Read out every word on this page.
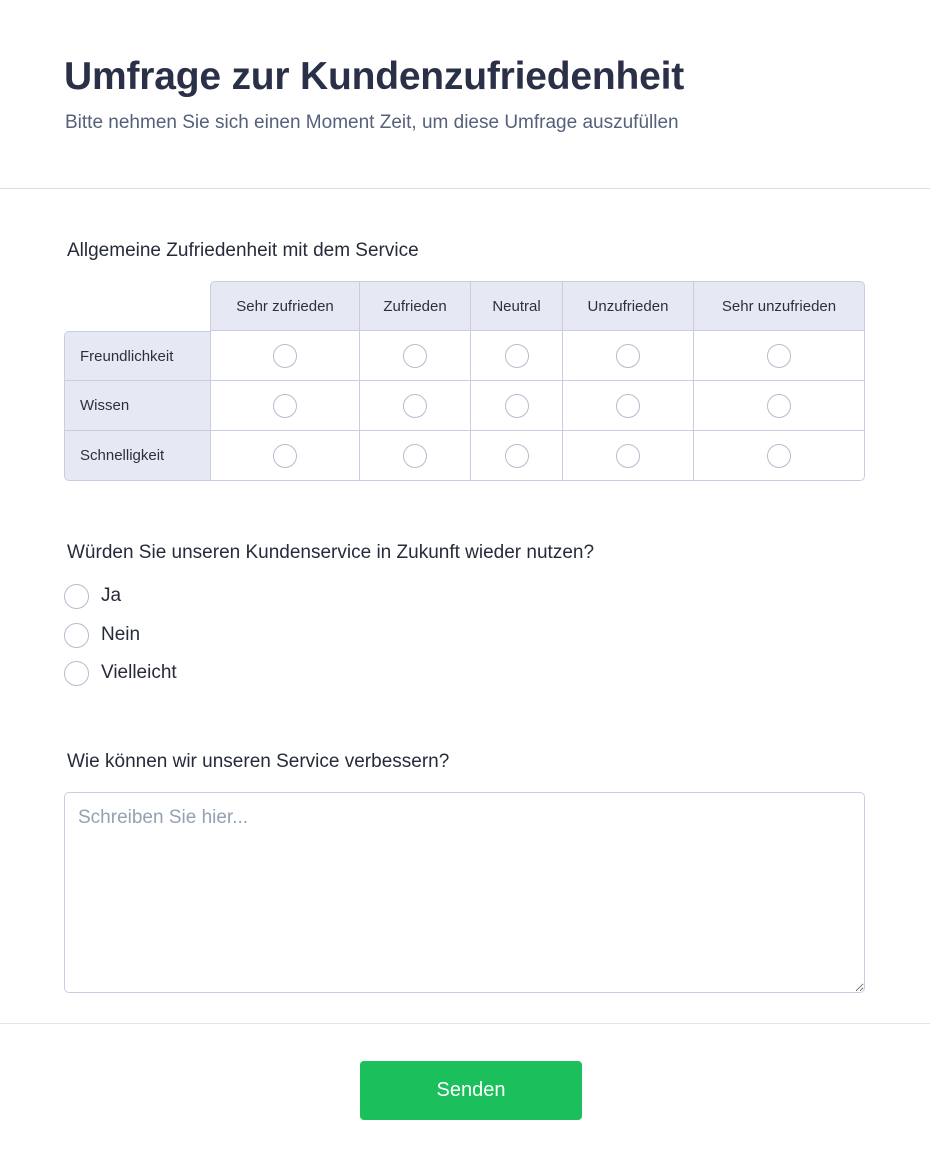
Umfrage zur Kundenzufriedenheit

Bitte nehmen Sie sich einen Moment Zeit, um diese Umfrage auszufüllen

Allgemeine Zufriedenheit mit dem Service
Sehr zufrieden	Zufrieden	Neutral	Unzufrieden	Sehr unzufrieden
Freundlichkeit
Wissen
Schnelligkeit
Würden Sie unseren Kundenservice in Zukunft wieder nutzen?
Ja
Nein
Vielleicht
Wie können wir unseren Service verbessern?
Schreiben Sie hier...
Senden
